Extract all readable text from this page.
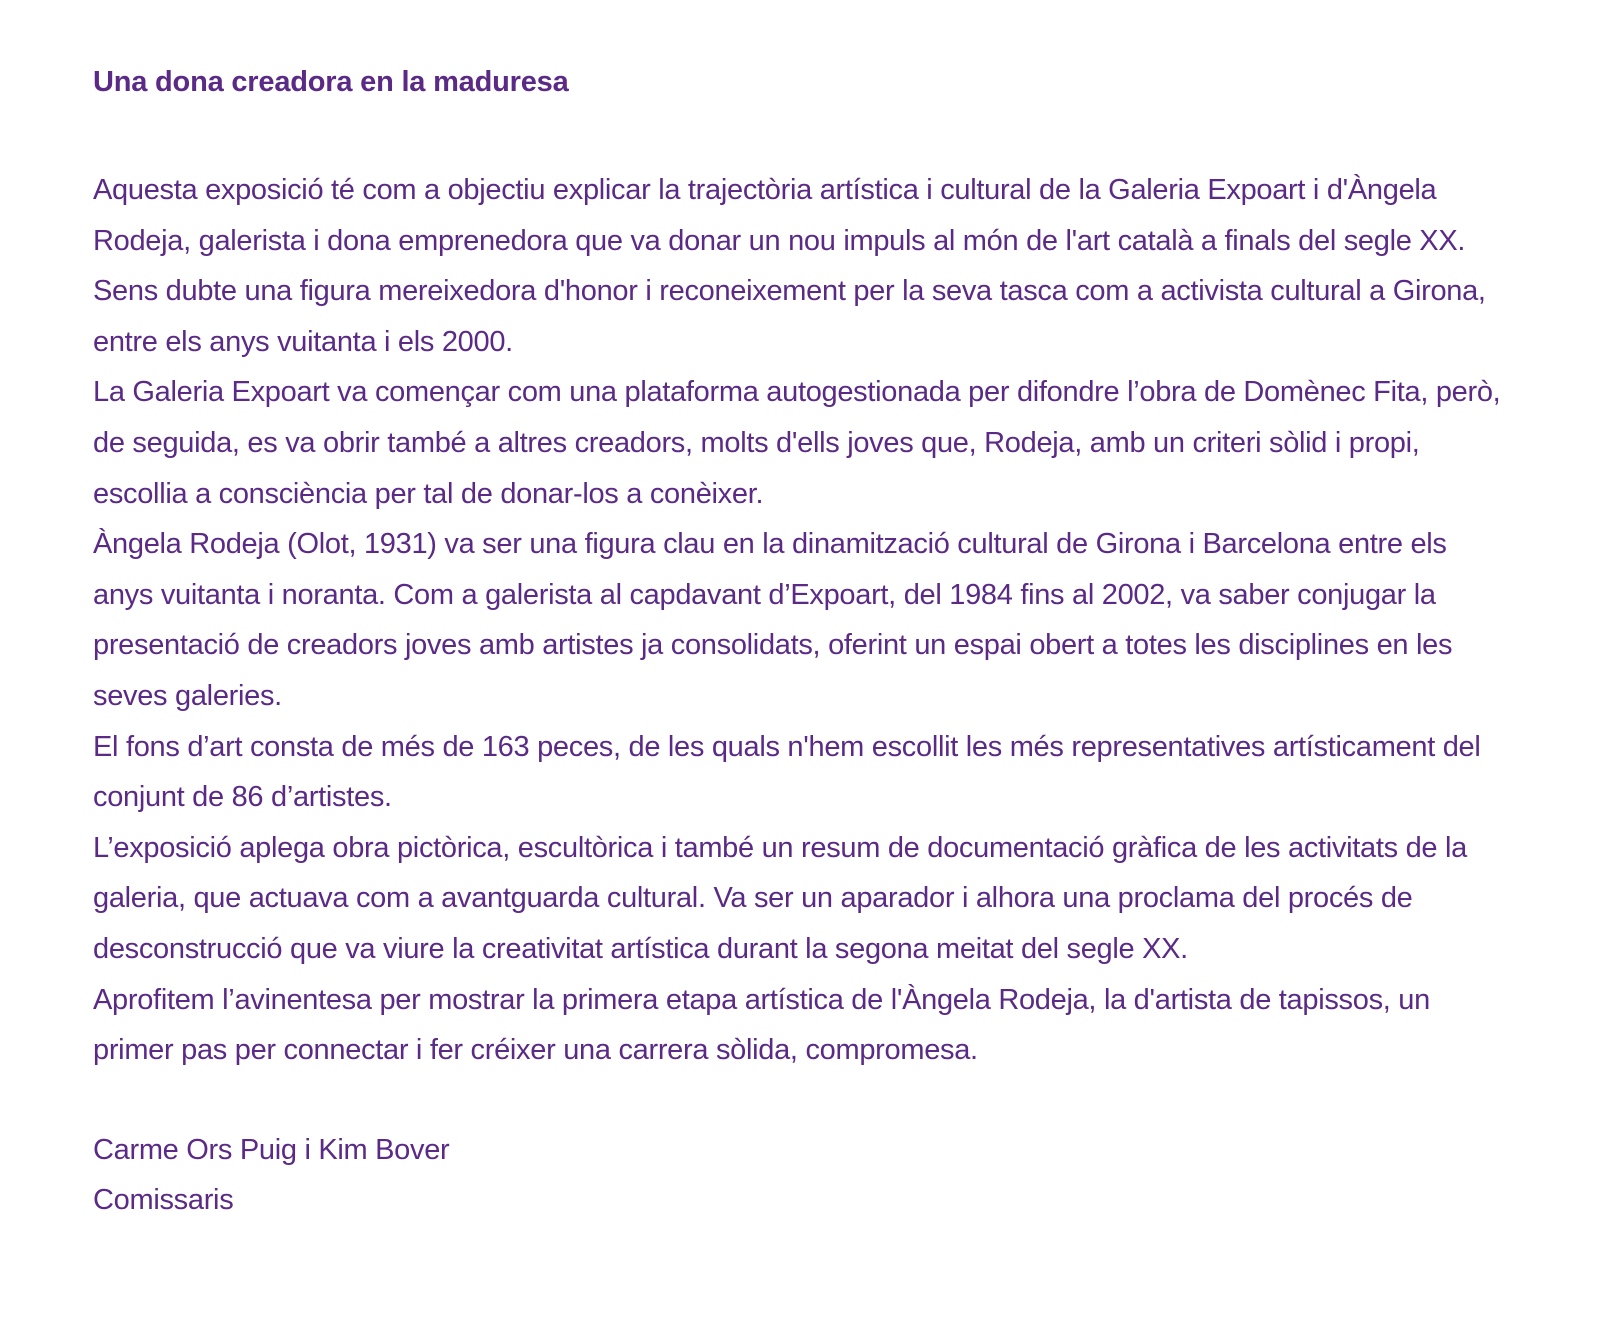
Una dona creadora en la maduresa

Aquesta exposició té com a objectiu explicar la trajectòria artística i cultural de la Galeria Expoart i d'Àngela Rodeja, galerista i dona emprenedora que va donar un nou impuls al món de l'art català a finals del segle XX. Sens dubte una figura mereixedora d'honor i reconeixement per la seva tasca com a activista cultural a Girona, entre els anys vuitanta i els 2000.

La Galeria Expoart va començar com una plataforma autogestionada per difondre l’obra de Domènec Fita, però, de seguida, es va obrir també a altres creadors, molts d'ells joves que, Rodeja, amb un criteri sòlid i propi, escollia a consciència per tal de donar-los a conèixer.

Àngela Rodeja (Olot, 1931) va ser una figura clau en la dinamització cultural de Girona i Barcelona entre els anys vuitanta i noranta. Com a galerista al capdavant d’Expoart, del 1984 fins al 2002, va saber conjugar la presentació de creadors joves amb artistes ja consolidats, oferint un espai obert a totes les disciplines en les seves galeries.

El fons d’art consta de més de 163 peces, de les quals n'hem escollit les més representatives artísticament del conjunt de 86 d’artistes.

L’exposició aplega obra pictòrica, escultòrica i també un resum de documentació gràfica de les activitats de la galeria, que actuava com a avantguarda cultural. Va ser un aparador i alhora una proclama del procés de desconstrucció que va viure la creativitat artística durant la segona meitat del segle XX.

Aprofitem l’avinentesa per mostrar la primera etapa artística de l'Àngela Rodeja, la d'artista de tapissos, un primer pas per connectar i fer créixer una carrera sòlida, compromesa.

Carme Ors Puig i Kim Bover
Comissaris
